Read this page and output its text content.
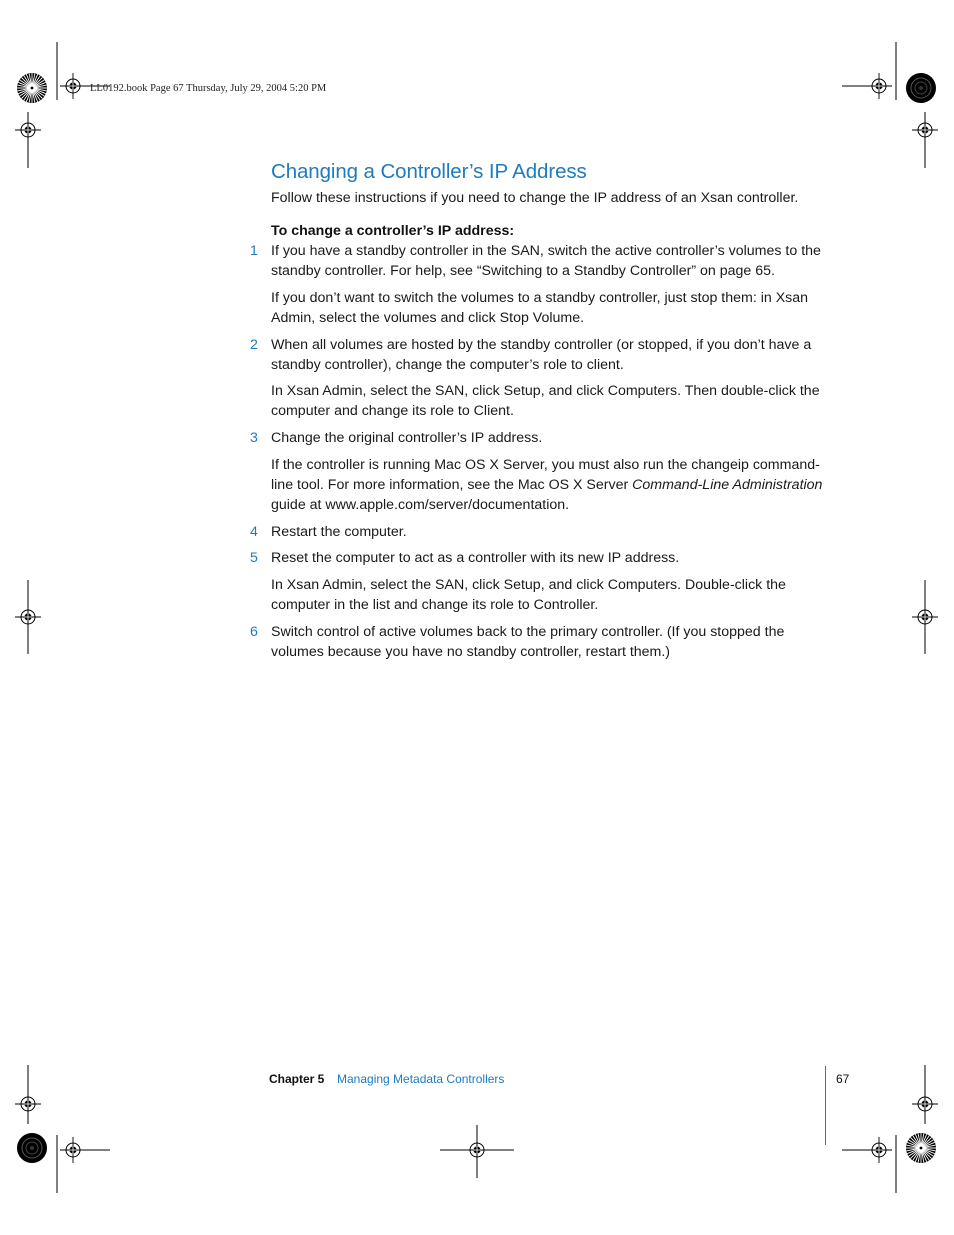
LL0192.book Page 67 Thursday, July 29, 2004 5:20 PM
Changing a Controller’s IP Address

Follow these instructions if you need to change the IP address of an Xsan controller.

To change a controller’s IP address:

1 If you have a standby controller in the SAN, switch the active controller’s volumes to the standby controller. For help, see “Switching to a Standby Controller” on page 65.

If you don’t want to switch the volumes to a standby controller, just stop them: in Xsan Admin, select the volumes and click Stop Volume.

2 When all volumes are hosted by the standby controller (or stopped, if you don’t have a standby controller), change the computer’s role to client.

In Xsan Admin, select the SAN, click Setup, and click Computers. Then double-click the computer and change its role to Client.

3 Change the original controller’s IP address.

If the controller is running Mac OS X Server, you must also run the changeip command-line tool. For more information, see the Mac OS X Server Command-Line Administration guide at www.apple.com/server/documentation.

4 Restart the computer.

5 Reset the computer to act as a controller with its new IP address.

In Xsan Admin, select the SAN, click Setup, and click Computers. Double-click the computer in the list and change its role to Controller.

6 Switch control of active volumes back to the primary controller. (If you stopped the volumes because you have no standby controller, restart them.)

Chapter 5 Managing Metadata Controllers	67
